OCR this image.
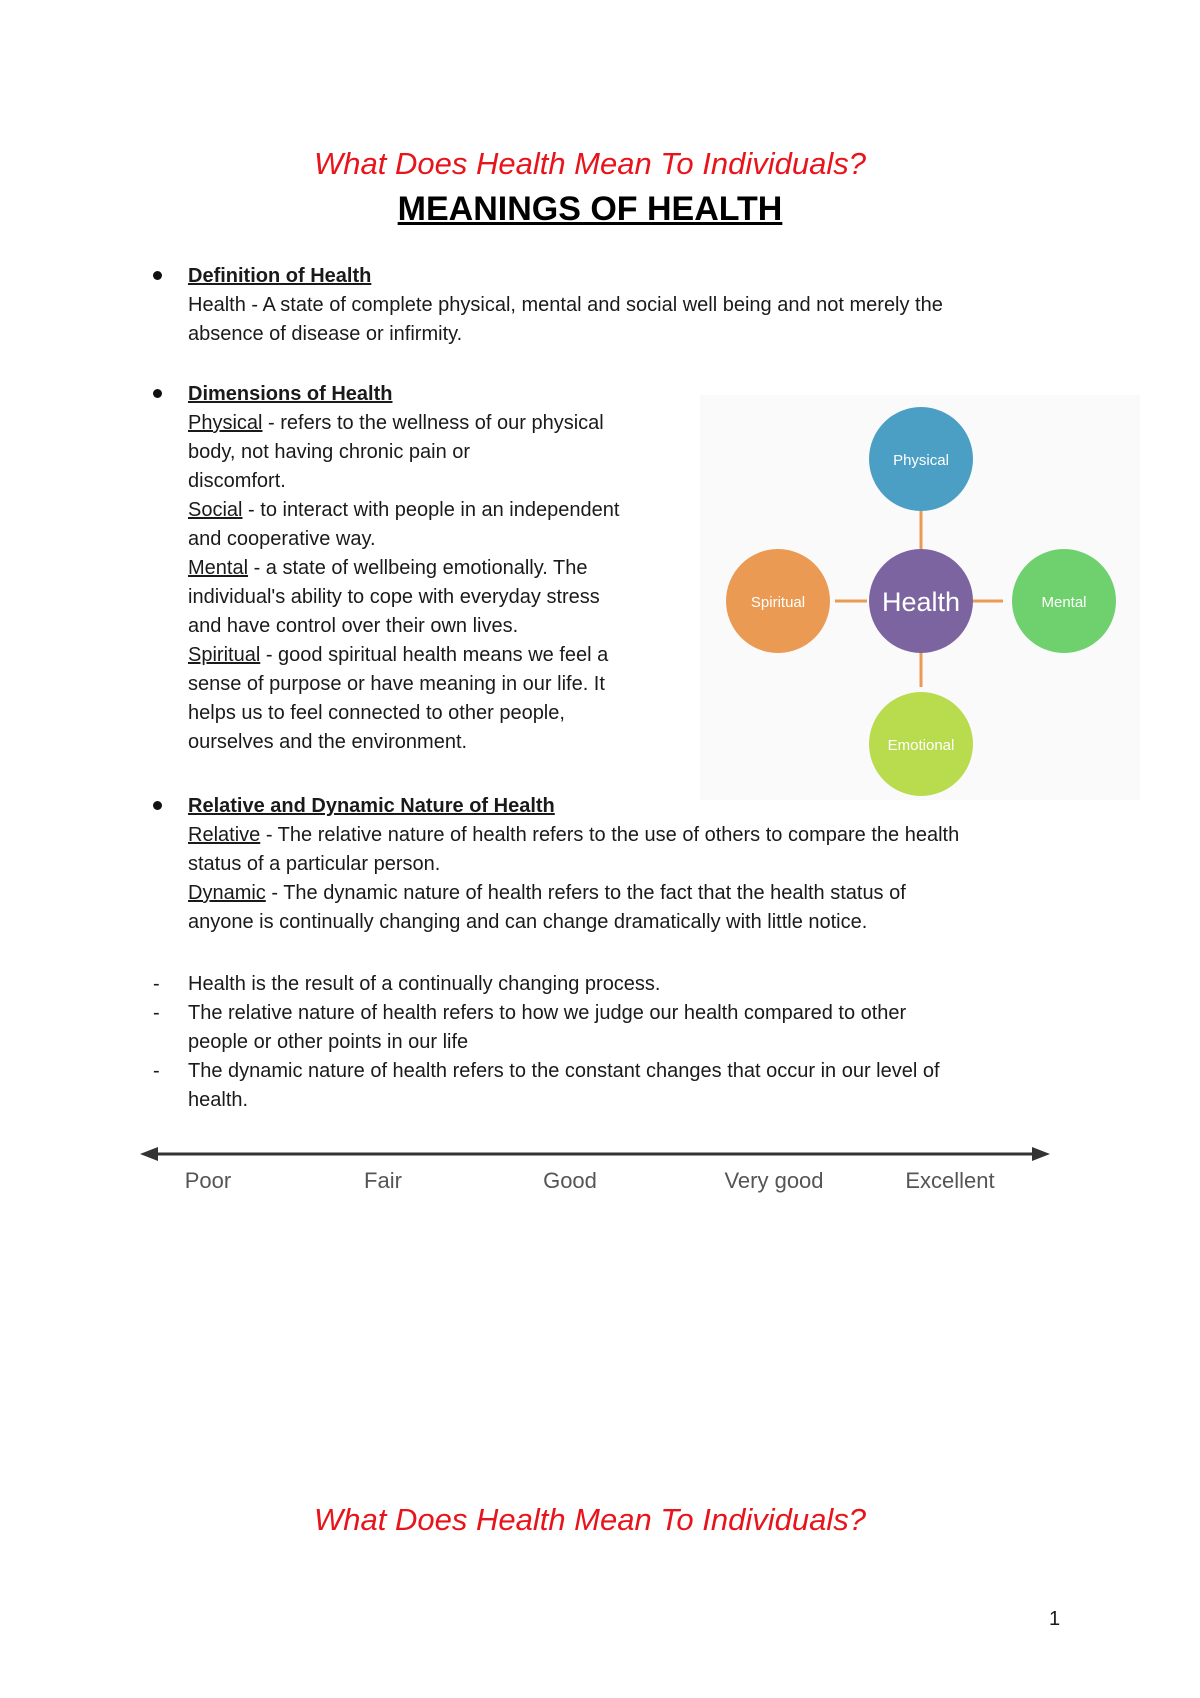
What Does Health Mean To Individuals?
MEANINGS OF HEALTH
Definition of Health
Health - A state of complete physical, mental and social well being and not merely the
absence of disease or infirmity.
Dimensions of Health
Physical - refers to the wellness of our physical
body, not having chronic pain or
discomfort.
Social - to interact with people in an independent
and cooperative way.
Mental - a state of wellbeing emotionally. The
individual's ability to cope with everyday stress
and have control over their own lives.
Spiritual - good spiritual health means we feel a
sense of purpose or have meaning in our life. It
helps us to feel connected to other people,
ourselves and the environment.
Physical
Health
Spiritual	Mental
Emotional
Relative and Dynamic Nature of Health
Relative - The relative nature of health refers to the use of others to compare the health
status of a particular person.
Dynamic - The dynamic nature of health refers to the fact that the health status of
anyone is continually changing and can change dramatically with little notice.
- Health is the result of a continually changing process.
- The relative nature of health refers to how we judge our health compared to other
people or other points in our life
- The dynamic nature of health refers to the constant changes that occur in our level of
health.
Poor	Fair	Good	Very good	Excellent
What Does Health Mean To Individuals?
1
